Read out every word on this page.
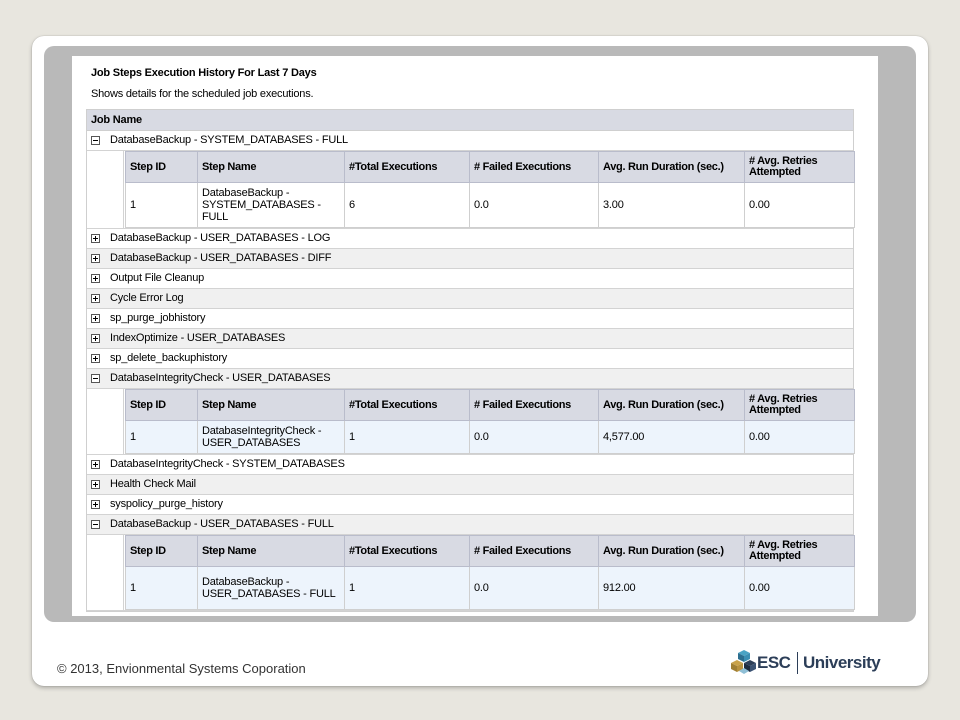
Job Steps Execution History For Last 7 Days

Shows details for the scheduled job executions.

Job Name
DatabaseBackup - SYSTEM_DATABASES - FULL
Step ID	Step Name	#Total Executions	# Failed Executions	Avg. Run Duration (sec.)	# Avg. Retries Attempted
1	DatabaseBackup - SYSTEM_DATABASES - FULL	6	0.0	3.00	0.00
DatabaseBackup - USER_DATABASES - LOG
DatabaseBackup - USER_DATABASES - DIFF
Output File Cleanup
Cycle Error Log
sp_purge_jobhistory
IndexOptimize - USER_DATABASES
sp_delete_backuphistory
DatabaseIntegrityCheck - USER_DATABASES
Step ID	Step Name	#Total Executions	# Failed Executions	Avg. Run Duration (sec.)	# Avg. Retries Attempted
1	DatabaseIntegrityCheck - USER_DATABASES	1	0.0	4,577.00	0.00
DatabaseIntegrityCheck - SYSTEM_DATABASES
Health Check Mail
syspolicy_purge_history
DatabaseBackup - USER_DATABASES - FULL
Step ID	Step Name	#Total Executions	# Failed Executions	Avg. Run Duration (sec.)	# Avg. Retries Attempted
1	DatabaseBackup - USER_DATABASES - FULL	1	0.0	912.00	0.00
© 2013, Envionmental Systems Coporation	ESC University
